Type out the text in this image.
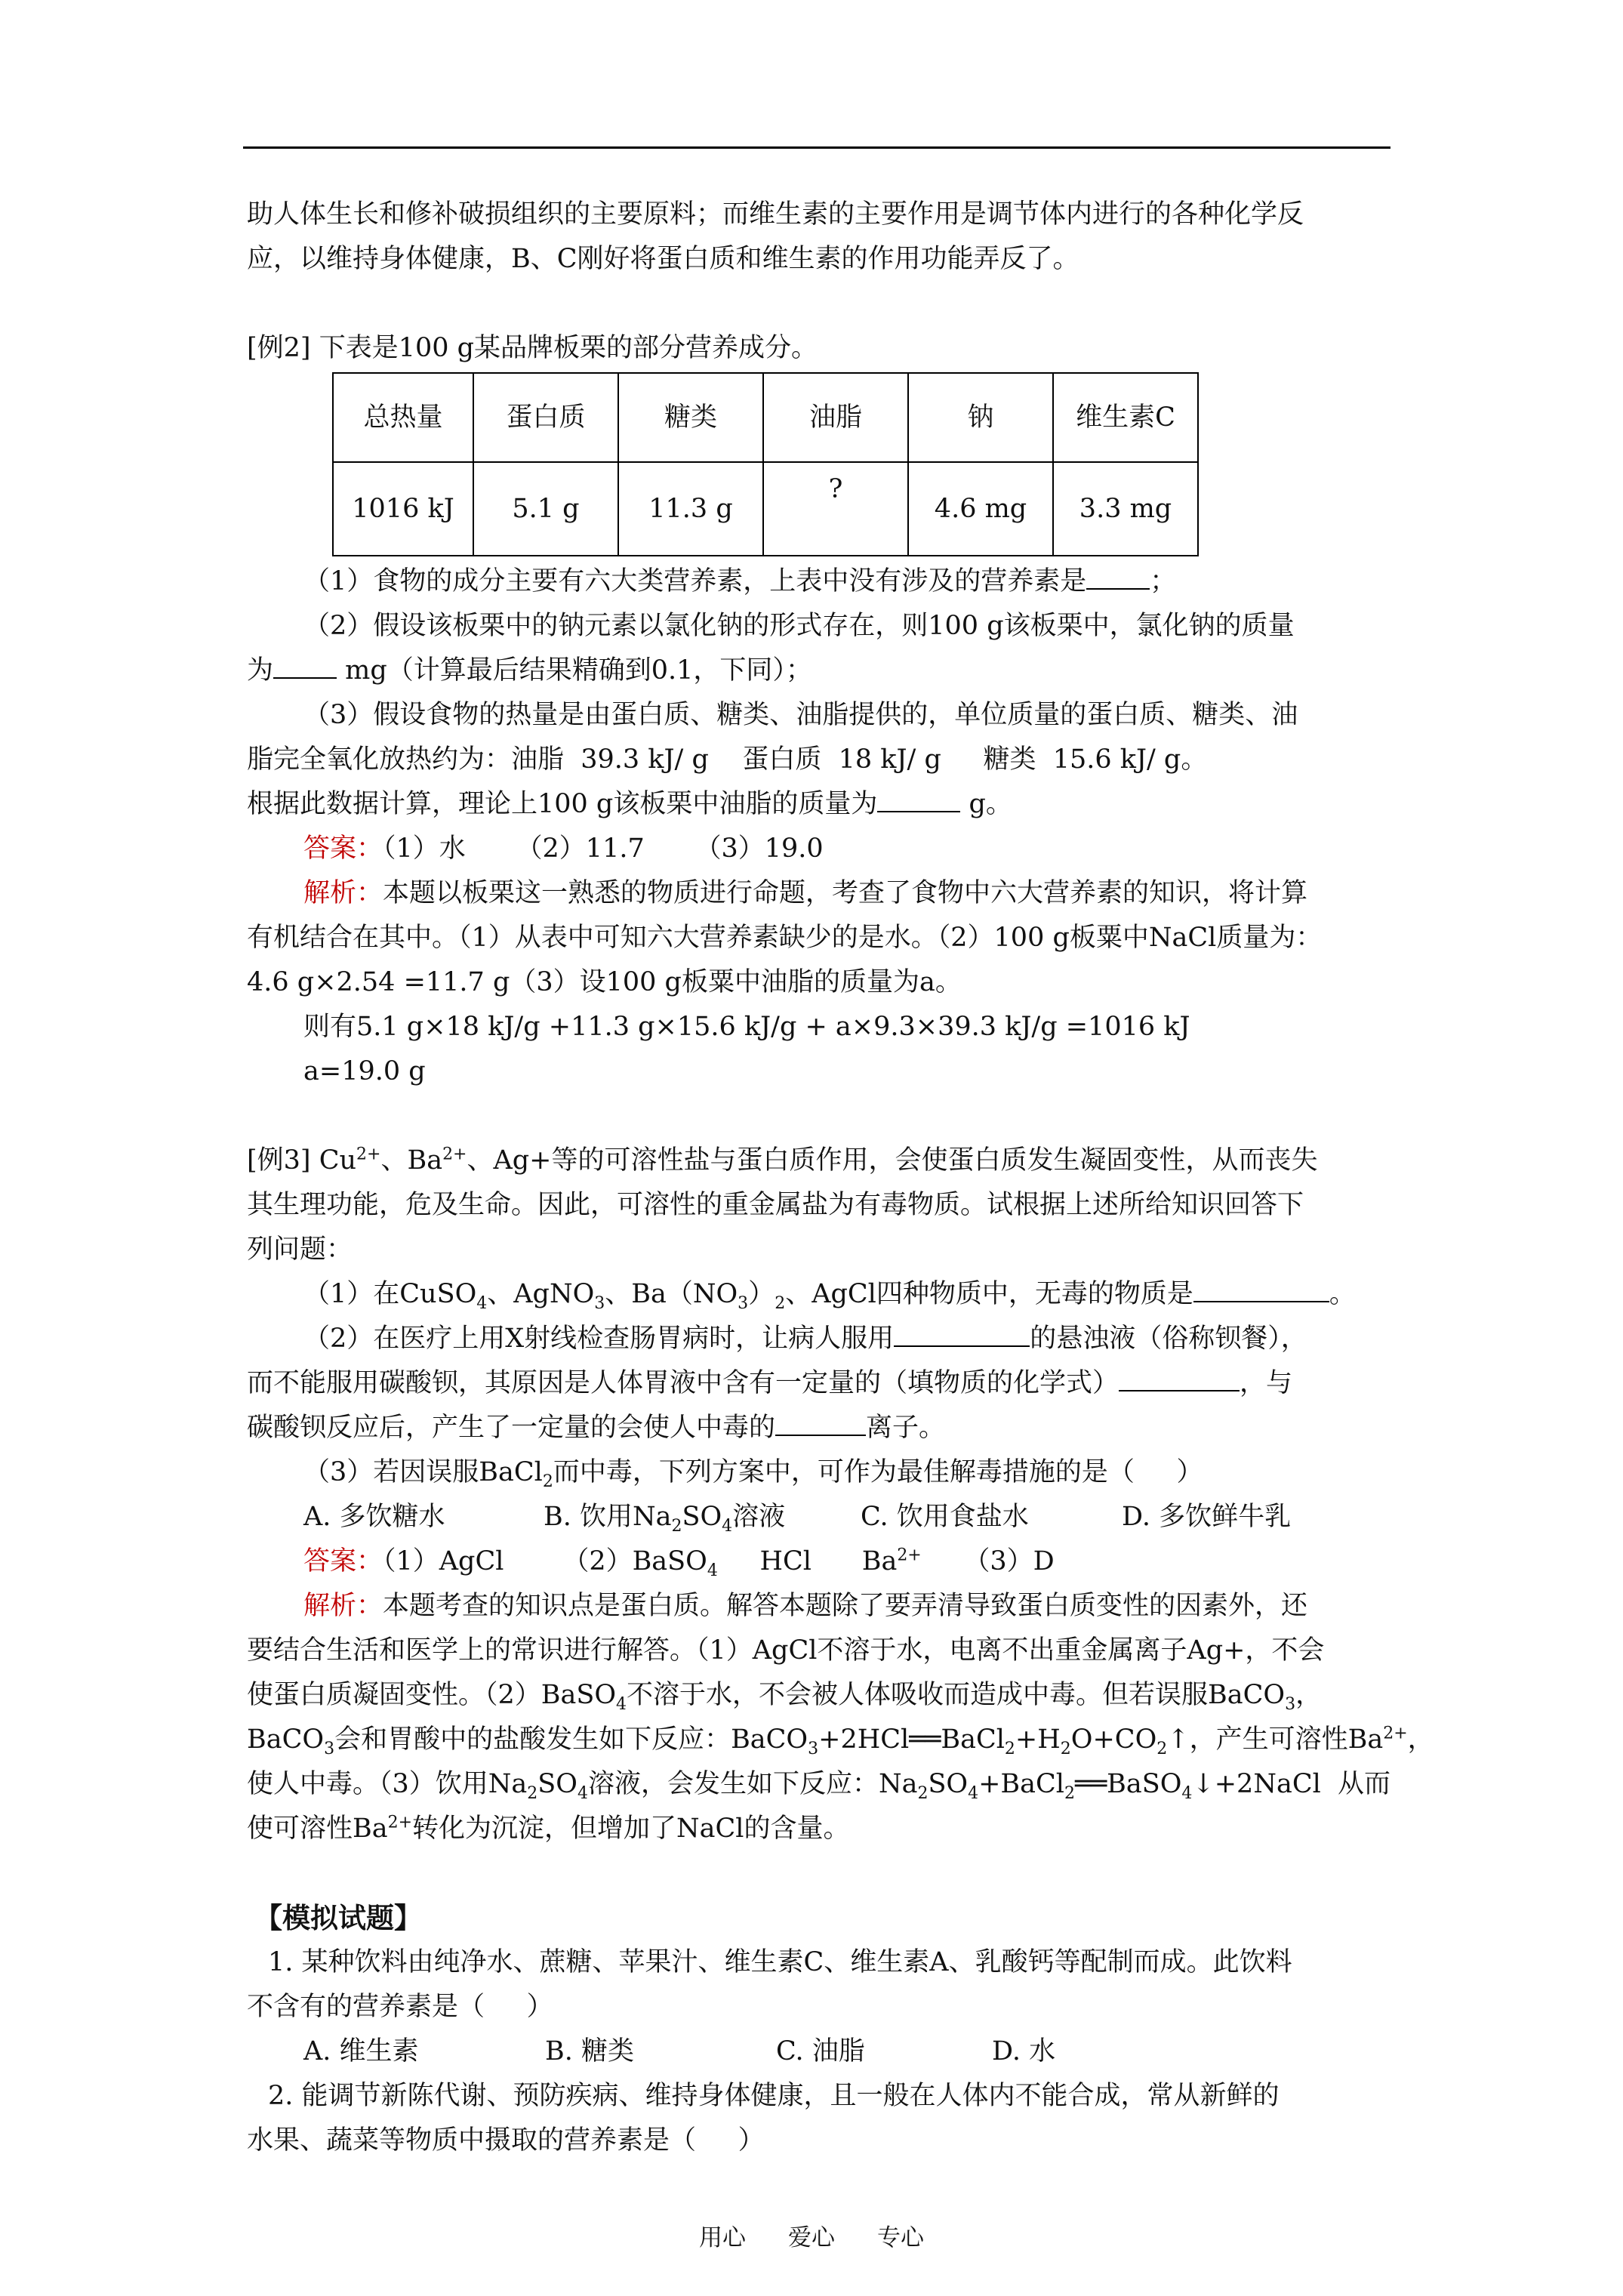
助人体生长和修补破损组织的主要原料；而维生素的主要作用是调节体内进行的各种化学反
应，以维持身体健康，B、C刚好将蛋白质和维生素的作用功能弄反了。
[例2] 下表是100 g某品牌板栗的部分营养成分。
总热量	蛋白质	糖类	油脂	钠	维生素C
1016 kJ	5.1 g	11.3 g	?	4.6 mg	3.3 mg
（1）食物的成分主要有六大类营养素，上表中没有涉及的营养素是 ；
（2）假设该板栗中的钠元素以氯化钠的形式存在，则100 g该板栗中，氯化钠的质量
为 mg（计算最后结果精确到0.1，下同）；
（3）假设食物的热量是由蛋白质、糖类、油脂提供的，单位质量的蛋白质、糖类、油
脂完全氧化放热约为：油脂  39.3 kJ/ g    蛋白质  18 kJ/ g     糖类  15.6 kJ/ g。
根据此数据计算，理论上100 g该板栗中油脂的质量为	g。
答案：（1）水      （2）11.7      （3）19.0
解析：本题以板栗这一熟悉的物质进行命题，考查了食物中六大营养素的知识，将计算
有机结合在其中。（1）从表中可知六大营养素缺少的是水。（2）100 g板粟中NaCl质量为：
4.6 g×2.54 =11.7 g（3）设100 g板粟中油脂的质量为a。
则有5.1 g×18 kJ/g +11.3 g×15.6 kJ/g + a×9.3×39.3 kJ/g =1016 kJ
a=19.0 g
[例3] $Cu^{2+}$、$Ba^{2+}$、Ag+等的可溶性盐与蛋白质作用，会使蛋白质发生凝固变性，从而丧失
其生理功能，危及生命。因此，可溶性的重金属盐为有毒物质。试根据上述所给知识回答下
列问题：
（1）在CuSO$_4$、AgNO$_3$、$Ba(NO_3)_2$、AgCl四种物质中，无毒的物质是	。
（2）在医疗上用X射线检查肠胃病时，让病人服用	的悬浊液（俗称钡餐），
而不能服用碳酸钡，其原因是人体胃液中含有一定量的（填物质的化学式）	，与
碳酸钡反应后，产生了一定量的会使人中毒的	离子。
（3）若因误服BaCl$_2$而中毒，下列方案中，可作为最佳解毒措施的是（     ）
A. 多饮糖水	B. 饮用$Na_2SO_4$溶液	C. 饮用食盐水	D. 多饮鲜牛乳
答案：（1）AgCl       （2）BaSO$_4$     HCl      $Ba^{2+}$     （3）D
解析：本题考查的知识点是蛋白质。解答本题除了要弄清导致蛋白质变性的因素外，还
要结合生活和医学上的常识进行解答。（1）AgCl不溶于水，电离不出重金属离子Ag+，不会
使蛋白质凝固变性。（2）BaSO$_4$不溶于水，不会被人体吸收而造成中毒。但若误服BaCO$_3$，
BaCO$_3$会和胃酸中的盐酸发生如下反应：$BaCO_3+2HCl══BaCl_2+H_2O+CO_2↑$，产生可溶性$Ba^{2+}$，
使人中毒。（3）饮用$Na_2SO_4$溶液，会发生如下反应：$Na_2SO_4+BaCl_2══BaSO_4↓+2NaCl$  从而
使可溶性$Ba^{2+}$转化为沉淀，但增加了NaCl的含量。
【模拟试题】
1. 某种饮料由纯净水、蔗糖、苹果汁、维生素C、维生素A、乳酸钙等配制而成。此饮料
不含有的营养素是（     ）
A. 维生素	B. 糖类	C. 油脂	D. 水
2. 能调节新陈代谢、预防疾病、维持身体健康，且一般在人体内不能合成，常从新鲜的
水果、蔬菜等物质中摄取的营养素是（     ）
用心 爱心 专心
